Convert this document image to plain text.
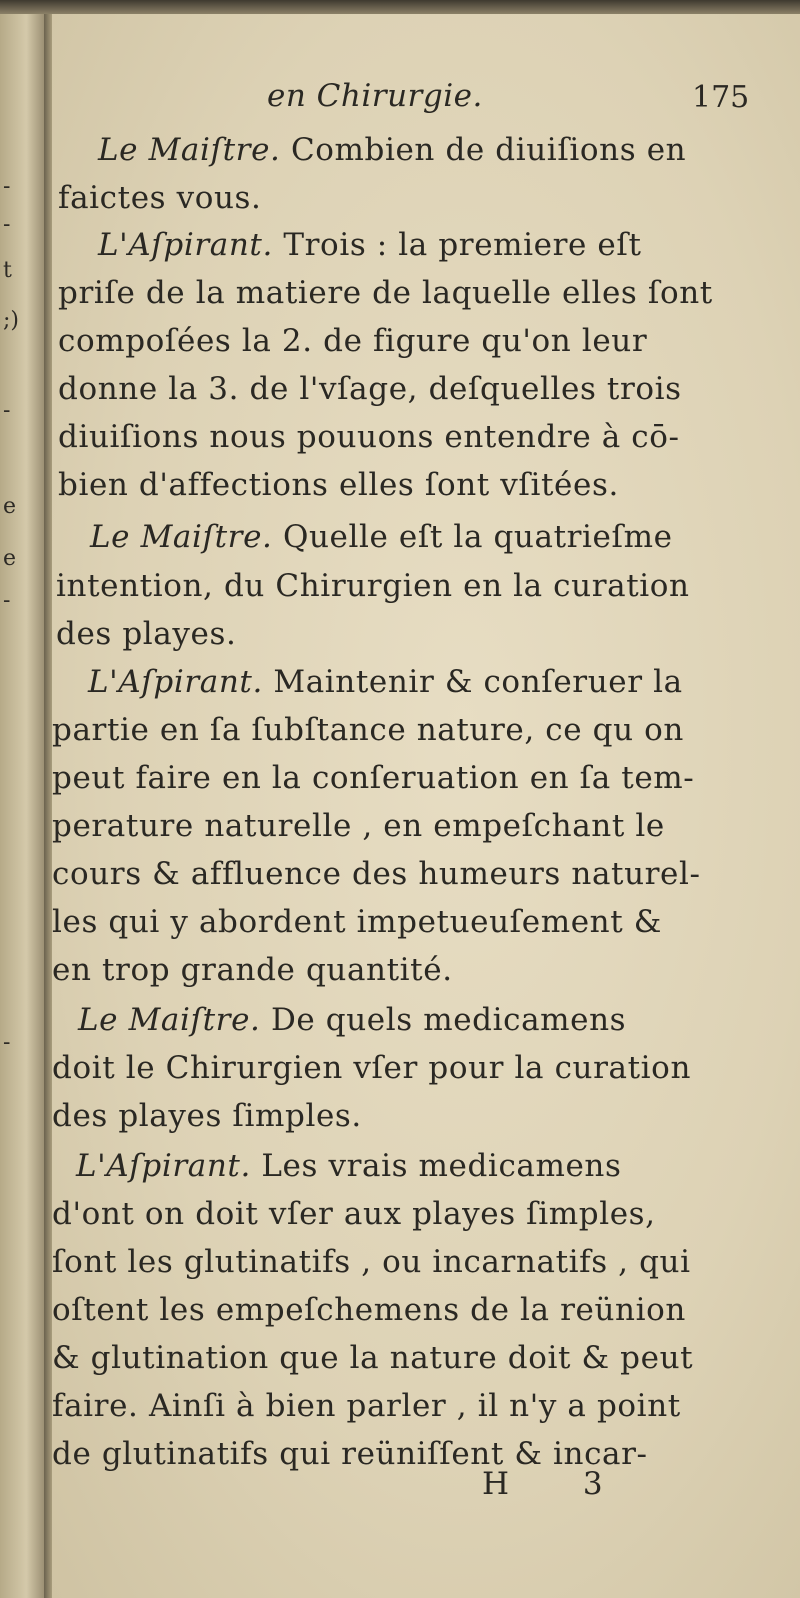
-
-
t
;)
-
e
e
-
-
en Chirurgie.	175
Le Maiſtre. Combien de diuiſions en
faictes vous.
L'Aſpirant. Trois : la premiere eſt
priſe de la matiere de laquelle elles ſont
compoſées la 2. de figure qu'on leur
donne la 3. de l'vſage, deſquelles trois
diuiſions nous pouuons entendre à cō-
bien d'affections elles ſont vſitées.
Le Maiſtre. Quelle eſt la quatrieſme
intention, du Chirurgien en la curation
des playes.
L'Aſpirant. Maintenir & conſeruer la
partie en ſa ſubſtance nature, ce qu on
peut faire en la conſeruation en ſa tem-
perature naturelle , en empeſchant le
cours & affluence des humeurs naturel-
les qui y abordent impetueuſement &
en trop grande quantité.
Le Maiſtre. De quels medicamens
doit le Chirurgien vſer pour la curation
des playes ſimples.
L'Aſpirant. Les vrais medicamens
d'ont on doit vſer aux playes ſimples,
ſont les glutinatifs , ou incarnatifs , qui
oſtent les empeſchemens de la reünion
& glutination que la nature doit & peut
faire. Ainſi à bien parler , il n'y a point
de glutinatifs qui reüniſſent & incar-
H 3
